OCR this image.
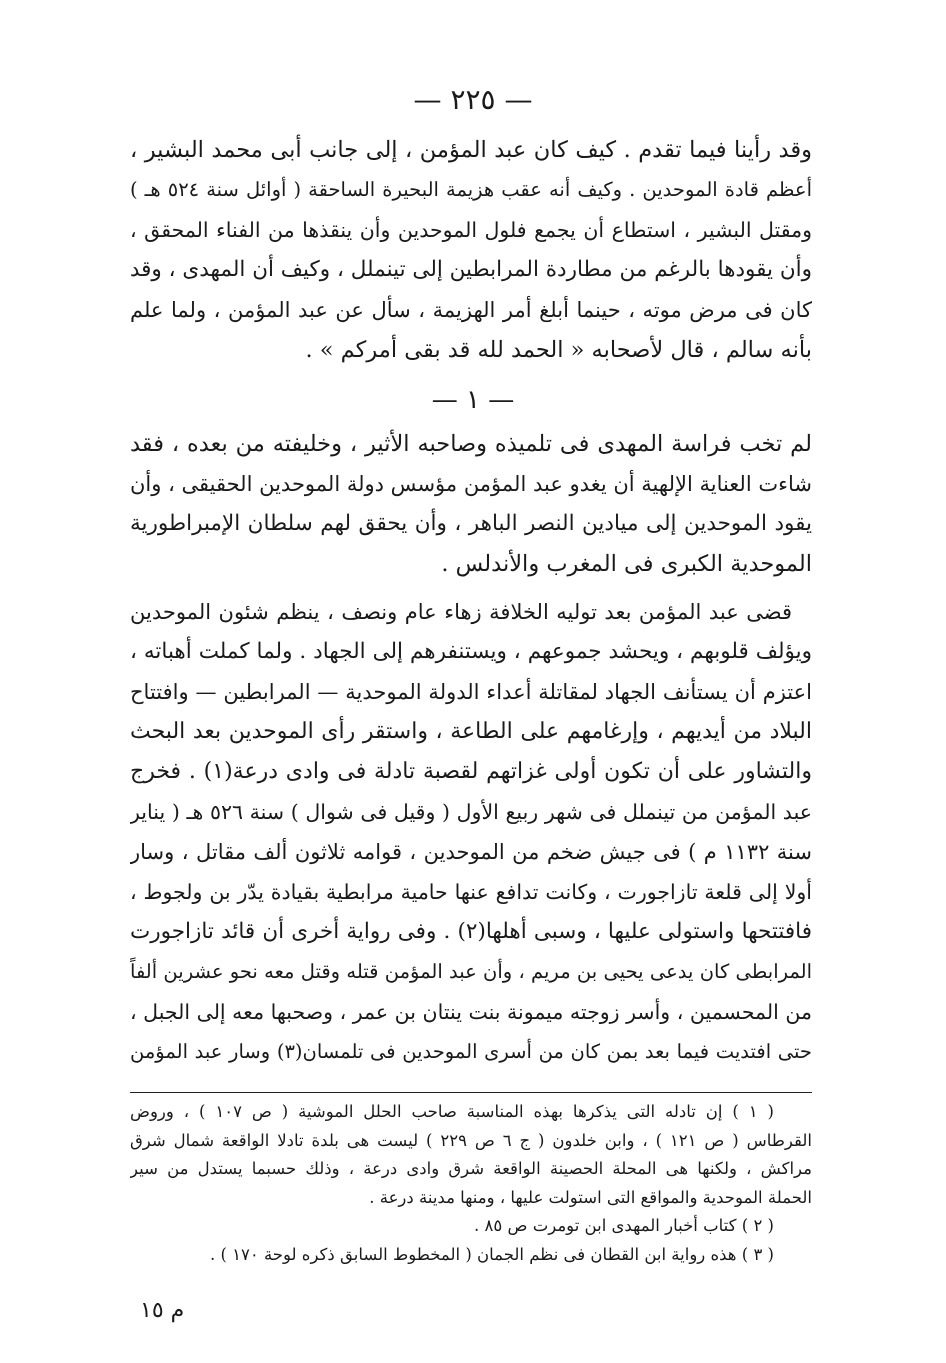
— ٢٢٥ —
وقد رأينا فيما تقدم . كيف كان عبد المؤمن ، إلى جانب أبى محمد البشير ،
أعظم قادة الموحدين . وكيف أنه عقب هزيمة البحيرة الساحقة ( أوائل سنة ٥٢٤ هـ )
ومقتل البشير ، استطاع أن يجمع فلول الموحدين وأن ينقذها من الفناء المحقق ،
وأن يقودها بالرغم من مطاردة المرابطين إلى تينملل ، وكيف أن المهدى ، وقد
كان فى مرض موته ، حينما أبلغ أمر الهزيمة ، سأل عن عبد المؤمن ، ولما علم
بأنه سالم ، قال لأصحابه « الحمد لله قد بقى أمركم » .
— ١ —
لم تخب فراسة المهدى فى تلميذه وصاحبه الأثير ، وخليفته من بعده ، فقد
شاءت العناية الإلهية أن يغدو عبد المؤمن مؤسس دولة الموحدين الحقيقى ، وأن
يقود الموحدين إلى ميادين النصر الباهر ، وأن يحقق لهم سلطان الإمبراطورية
الموحدية الكبرى فى المغرب والأندلس .
قضى عبد المؤمن بعد توليه الخلافة زهاء عام ونصف ، ينظم شئون الموحدين
ويؤلف قلوبهم ، ويحشد جموعهم ، ويستنفرهم إلى الجهاد . ولما كملت أهباته ،
اعتزم أن يستأنف الجهاد لمقاتلة أعداء الدولة الموحدية — المرابطين — وافتتاح
البلاد من أيديهم ، وإرغامهم على الطاعة ، واستقر رأى الموحدين بعد البحث
والتشاور على أن تكون أولى غزاتهم لقصبة تادلة فى وادى درعة(١) . فخرج
عبد المؤمن من تينملل فى شهر ربيع الأول ( وقيل فى شوال ) سنة ٥٢٦ هـ ( يناير
سنة ١١٣٢ م ) فى جيش ضخم من الموحدين ، قوامه ثلاثون ألف مقاتل ، وسار
أولا إلى قلعة تازاجورت ، وكانت تدافع عنها حامية مرابطية بقيادة يدّر بن ولجوط ،
فافتتحها واستولى عليها ، وسبى أهلها(٢) . وفى رواية أخرى أن قائد تازاجورت
المرابطى كان يدعى يحيى بن مريم ، وأن عبد المؤمن قتله وقتل معه نحو عشرين ألفاً
من المحسمين ، وأسر زوجته ميمونة بنت ينتان بن عمر ، وصحبها معه إلى الجبل ،
حتى افتديت فيما بعد بمن كان من أسرى الموحدين فى تلمسان(٣) وسار عبد المؤمن
( ١ ) إن تادله التى يذكرها بهذه المناسبة صاحب الحلل الموشية ( ص ١٠٧ ) ، وروض
القرطاس ( ص ١٢١ ) ، وابن خلدون ( ج ٦ ص ٢٢٩ ) ليست هى بلدة تادلا الواقعة شمال شرق
مراكش ، ولكنها هى المحلة الحصينة الواقعة شرق وادى درعة ، وذلك حسبما يستدل من سير
الحملة الموحدية والمواقع التى استولت عليها ، ومنها مدينة درعة .
( ٢ ) كتاب أخبار المهدى ابن تومرت ص ٨٥ .
( ٣ ) هذه رواية ابن القطان فى نظم الجمان ( المخطوط السابق ذكره لوحة ١٧٠ ) .
م ١٥
